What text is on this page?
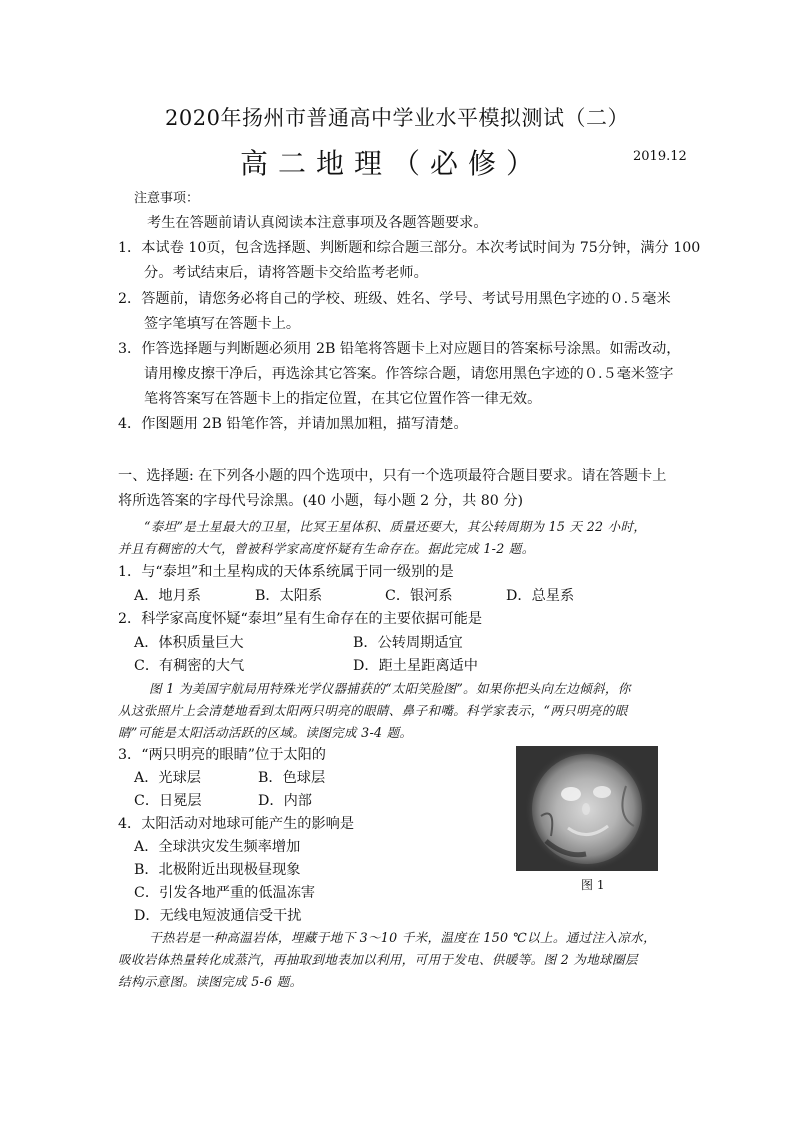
2020年扬州市普通高中学业水平模拟测试（二）
高二地理（必修）	2019.12
注意事项：
考生在答题前请认真阅读本注意事项及各题答题要求。
1．本试卷 10页，包含选择题、判断题和综合题三部分。本次考试时间为 75分钟，满分 100
分。考试结束后，请将答题卡交给监考老师。
2．答题前，请您务必将自己的学校、班级、姓名、学号、考试号用黑色字迹的０.５毫米
签字笔填写在答题卡上。
3．作答选择题与判断题必须用 2B 铅笔将答题卡上对应题目的答案标号涂黑。如需改动，
请用橡皮擦干净后，再选涂其它答案。作答综合题，请您用黑色字迹的０.５毫米签字
笔将答案写在答题卡上的指定位置，在其它位置作答一律无效。
4．作图题用 2B 铅笔作答，并请加黑加粗，描写清楚。
一、选择题: 在下列各小题的四个选项中，只有一个选项最符合题目要求。请在答题卡上
将所选答案的字母代号涂黑。(40 小题，每小题 2 分，共 80 分)
“泰坦”是土星最大的卫星，比冥王星体积、质量还要大，其公转周期为 15 天 22 小时，
并且有稠密的大气，曾被科学家高度怀疑有生命存在。据此完成 1-2 题。
1．与“泰坦”和土星构成的天体系统属于同一级别的是
A．地月系	B．太阳系	C．银河系	D．总星系
2．科学家高度怀疑“泰坦”星有生命存在的主要依据可能是
A．体积质量巨大	B．公转周期适宜
C．有稠密的大气	D．距土星距离适中
图 1 为美国宇航局用特殊光学仪器捕获的“太阳笑脸图”。如果你把头向左边倾斜，你
从这张照片上会清楚地看到太阳两只明亮的眼睛、鼻子和嘴。科学家表示，“两只明亮的眼
睛”可能是太阳活动活跃的区域。读图完成 3-4 题。
3．“两只明亮的眼睛”位于太阳的
A．光球层	B．色球层
C．日冕层	D．内部
4．太阳活动对地球可能产生的影响是
A．全球洪灾发生频率增加
B．北极附近出现极昼现象
C．引发各地严重的低温冻害
D．无线电短波通信受干扰
图 1
干热岩是一种高温岩体，埋藏于地下 3～10 千米，温度在 150 ℃以上。通过注入凉水，
吸收岩体热量转化成蒸汽，再抽取到地表加以利用，可用于发电、供暖等。图 2 为地球圈层
结构示意图。读图完成 5-6 题。
